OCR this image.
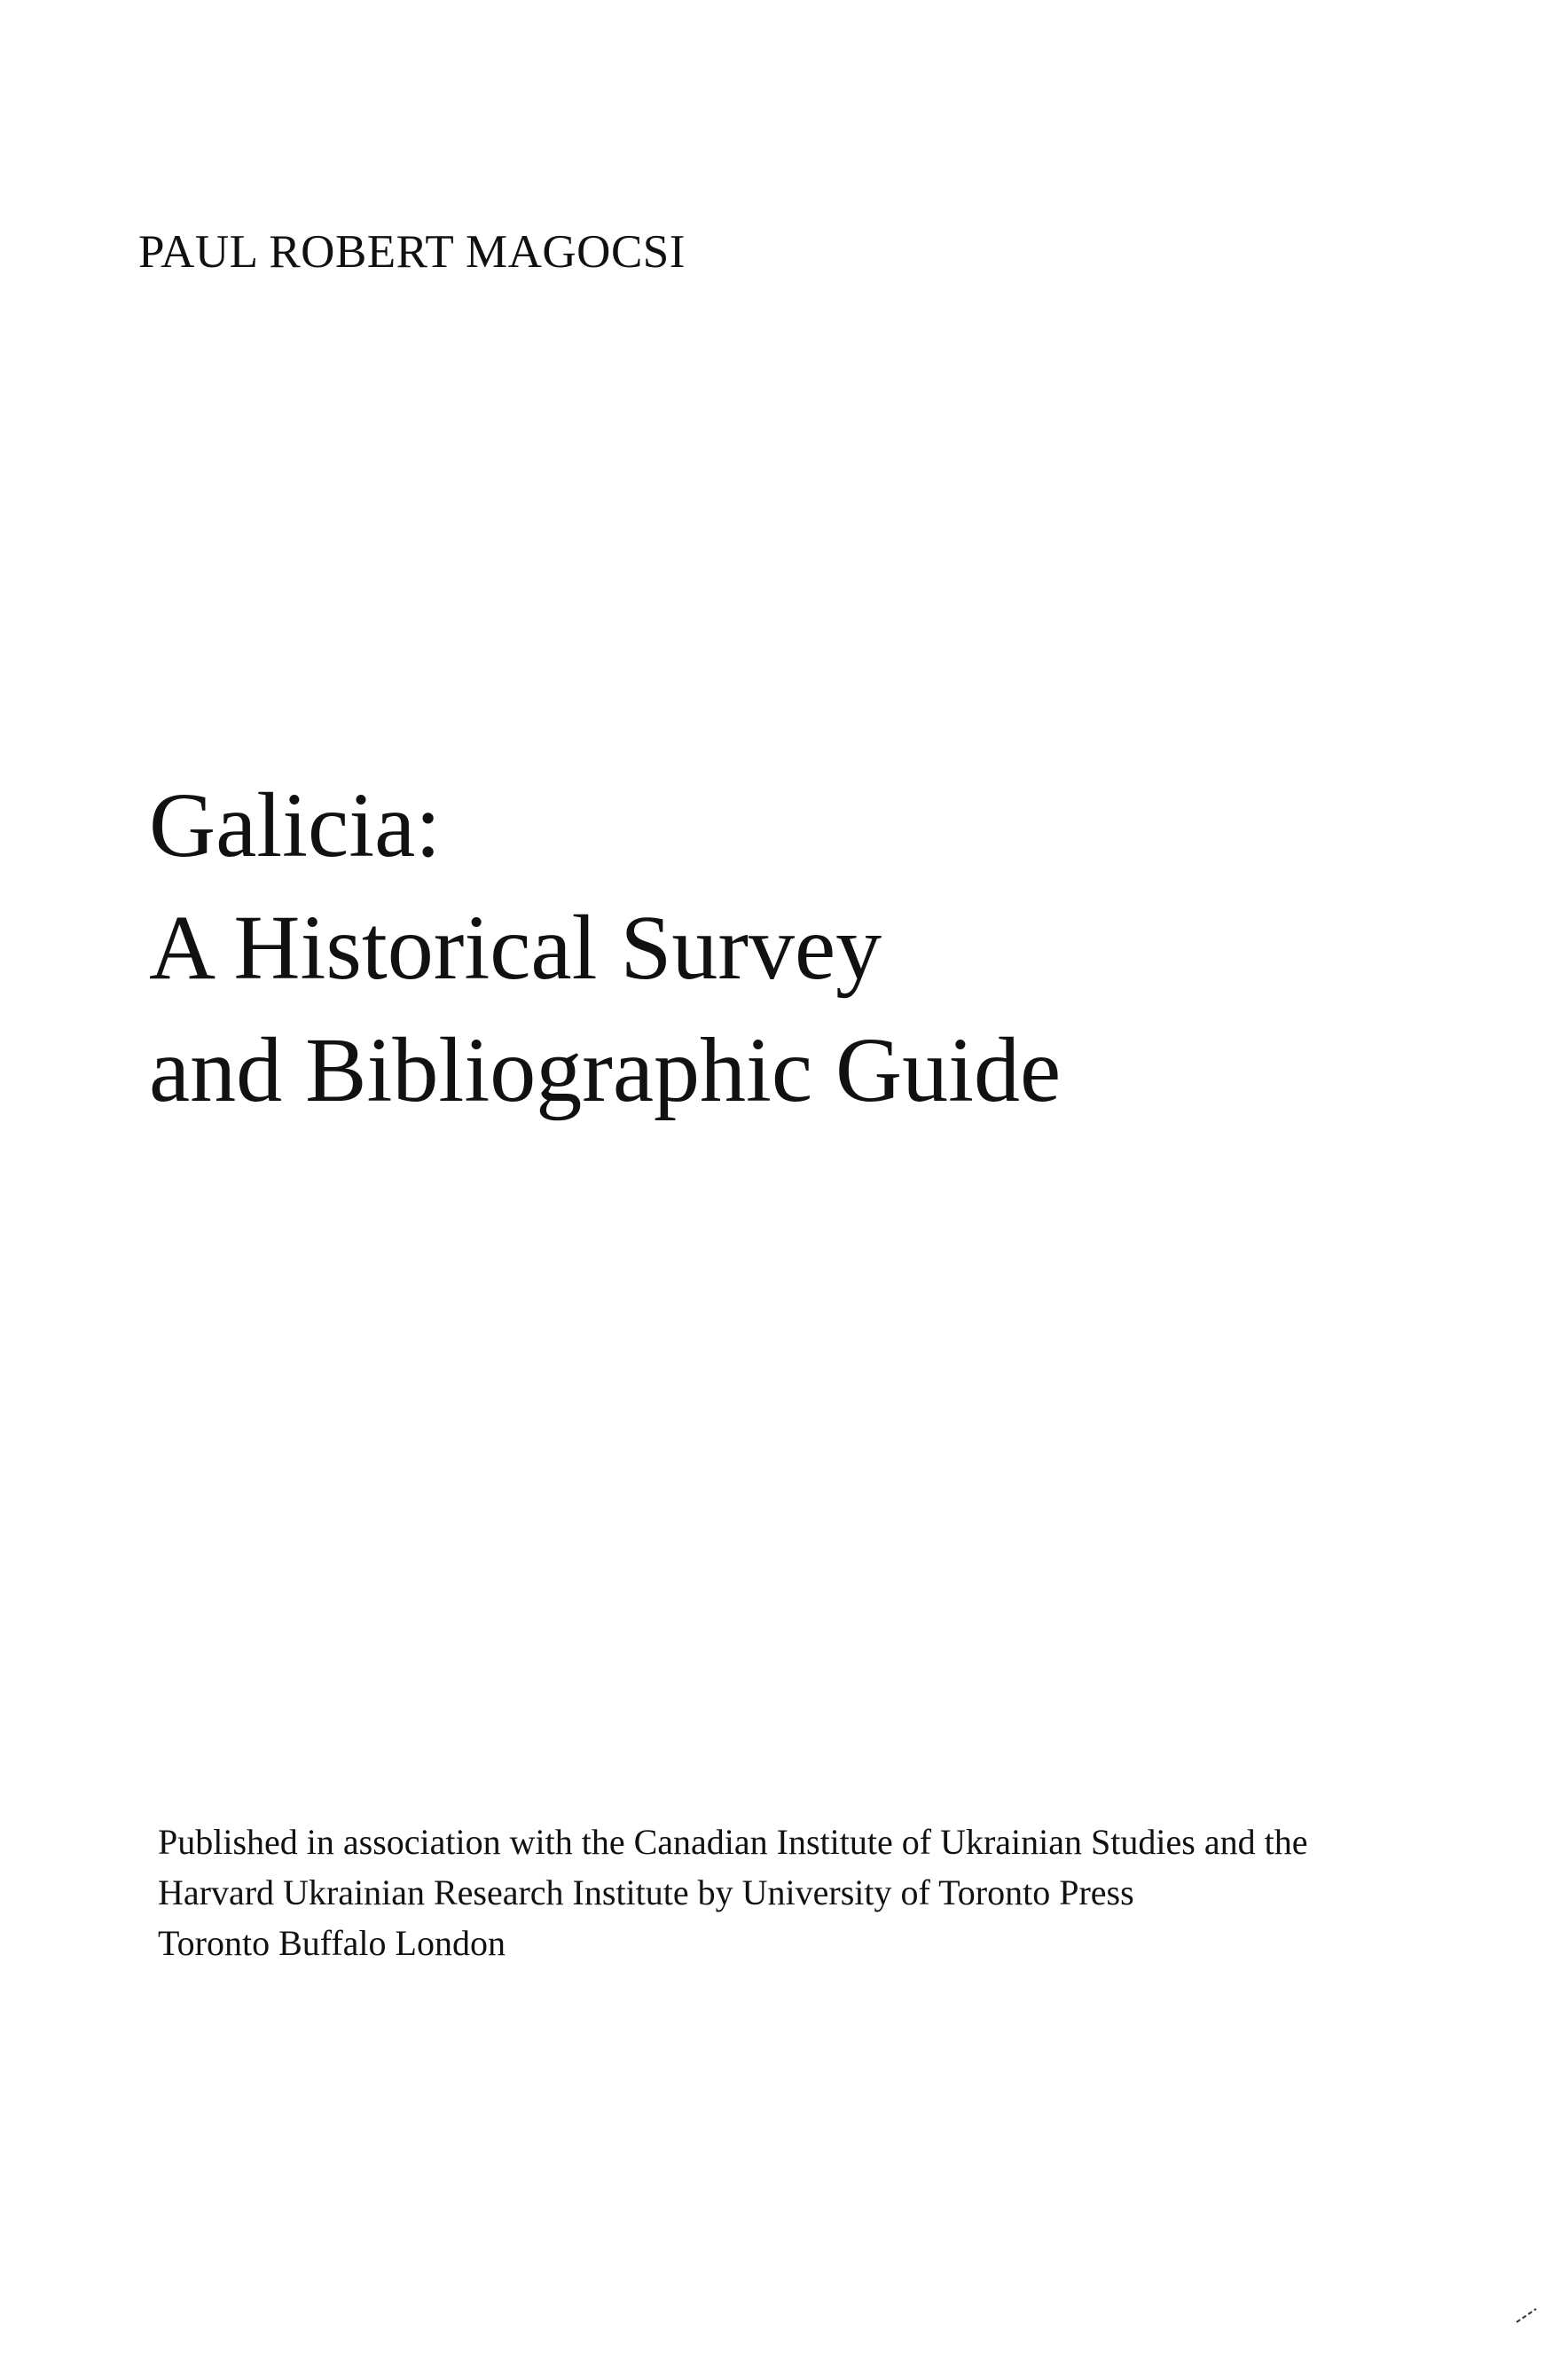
PAUL ROBERT MAGOCSI
Galicia:
A Historical Survey
and Bibliographic Guide
Published in association with the Canadian Institute of Ukrainian Studies and the
Harvard Ukrainian Research Institute by University of Toronto Press
Toronto Buffalo London
